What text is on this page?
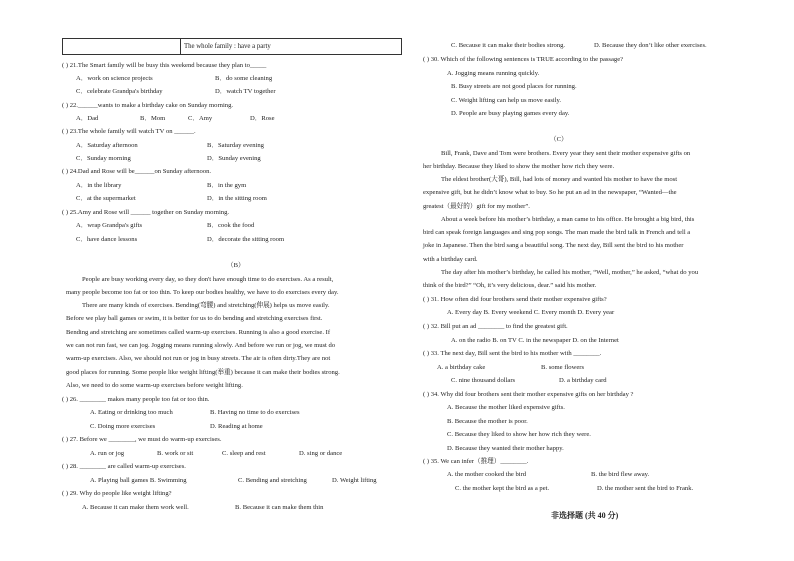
The whole family : have a party
( ) 21.The Smart family will be busy this weekend because they plan to_____
A．work on science projects	B．do some cleaning
C．celebrate Grandpa's birthday	D．watch TV together
( ) 22.______wants to make a birthday cake on Sunday morning.
A．Dad	B．Mom	C．Amy	D．Rose
( ) 23.The whole family will watch TV on ______.
A．Saturday afternoon	B．Saturday evening
C．Sunday morning	D．Sunday evening
( ) 24.Dad and Rose will be______on Sunday afternoon.
A．in the library	B．in the gym
C．at the supermarket	D．in the sitting room
( ) 25.Amy and Rose will ______ together on Sunday morning.
A．wrap Grandpa's gifts	B．cook the food
C．have dance lessons	D．decorate the sitting room
（B）
People are busy working every day, so they don't have enough time to do exercises. As a result,
many people become too fat or too thin. To keep our bodies healthy, we have to do exercises every day.
There are many kinds of exercises. Bending(弯腰) and stretching(伸展) helps us move easily.
Before we play ball games or swim, it is better for us to do bending and stretching exercises first.
Bending and stretching are sometimes called warm-up exercises. Running is also a good exercise. If
we can not run fast, we can jog. Jogging means running slowly. And before we run or jog, we must do
warm-up exercises. Also, we should not run or jog in busy streets. The air is often dirty.They are not
good places for running. Some people like weight lifting(举重) because it can make their bodies strong.
Also, we need to do some warm-up exercises before weight lifting.
( ) 26. ________ makes many people too fat or too thin.
A. Eating or drinking too much	B. Having no time to do exercises
C. Doing more exercises	D. Reading at home
( ) 27. Before we ________, we must do warm-up exercises.
A. run or jog	B. work or sit	C. sleep and rest	D. sing or dance
( ) 28. ________ are called warm-up exercises.
A. Playing ball games B. Swimming	C. Bending and stretching	D. Weight lifting
( ) 29. Why do people like weight lifting?
A. Because it can make them work well.	B. Because it can make them thin
C. Because it can make their bodies strong.	D. Because they don’t like other exercises.
( ) 30. Which of the following sentences is TRUE according to the passage?
A. Jogging means running quickly.
B. Busy streets are not good places for running.
C. Weight lifting can help us move easily.
D. People are busy playing games every day.
（C）
Bill, Frank, Dave and Tom were brothers. Every year they sent their mother expensive gifts on
her birthday. Because they liked to show the mother how rich they were.
The eldest brother(大哥), Bill, had lots of money and wanted his mother to have the most
expensive gift, but he didn’t know what to buy. So he put an ad in the newspaper, “Wanted—the
greatest（最好的）gift for my mother”.
About a week before his mother’s birthday, a man came to his office. He brought a big bird, this
bird can speak foreign languages and sing pop songs. The man made the bird talk in French and tell a
joke in Japanese. Then the bird sang a beautiful song. The next day, Bill sent the bird to his mother
with a birthday card.
The day after his mother’s birthday, he called his mother, “Well, mother,” he asked, “what do you
think of the bird?” “Oh, it’s very delicious, dear.” said his mother.
( ) 31. How often did four brothers send their mother expensive gifts?
A. Every day B. Every weekend C. Every month D. Every year
( ) 32. Bill put an ad ________ to find the greatest gift.
A. on the radio B. on TV C. in the newspaper D. on the Internet
( ) 33. The next day, Bill sent the bird to his mother with ________.
A. a birthday cake	B. some flowers
C. nine thousand dollars	D. a birthday card
( ) 34. Why did four brothers sent their mother expensive gifts on her birthday ?
A. Because the mother liked expensive gifts.
B. Because the mother is poor.
C. Because they liked to show her how rich they were.
D. Because they wanted their mother happy.
( ) 35. We can infer（推理）________.
A. the mother cooked the bird	B. the bird flew away.
C. the mother kept the bird as a pet.	D. the mother sent the bird to Frank.
非选择题 (共 40 分)
